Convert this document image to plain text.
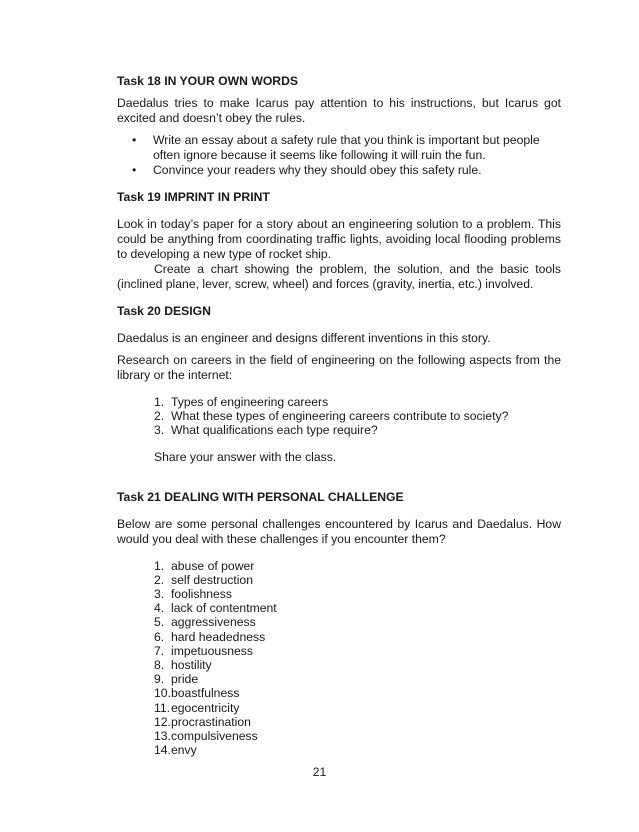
Task 18 IN YOUR OWN WORDS

Daedalus tries to make Icarus pay attention to his instructions, but Icarus got excited and doesn’t obey the rules.

• Write an essay about a safety rule that you think is important but people often ignore because it seems like following it will ruin the fun.
• Convince your readers why they should obey this safety rule.

Task 19 IMPRINT IN PRINT

Look in today’s paper for a story about an engineering solution to a problem. This could be anything from coordinating traffic lights, avoiding local flooding problems to developing a new type of rocket ship.

Create a chart showing the problem, the solution, and the basic tools (inclined plane, lever, screw, wheel) and forces (gravity, inertia, etc.) involved.

Task 20 DESIGN

Daedalus is an engineer and designs different inventions in this story.

Research on careers in the field of engineering on the following aspects from the library or the internet:

1. Types of engineering careers
2. What these types of engineering careers contribute to society?
3. What qualifications each type require?

Share your answer with the class.

Task 21 DEALING WITH PERSONAL CHALLENGE

Below are some personal challenges encountered by Icarus and Daedalus. How would you deal with these challenges if you encounter them?

1. abuse of power
2. self destruction
3. foolishness
4. lack of contentment
5. aggressiveness
6. hard headedness
7. impetuousness
8. hostility
9. pride
10. boastfulness
11. egocentricity
12. procrastination
13. compulsiveness
14. envy
21
